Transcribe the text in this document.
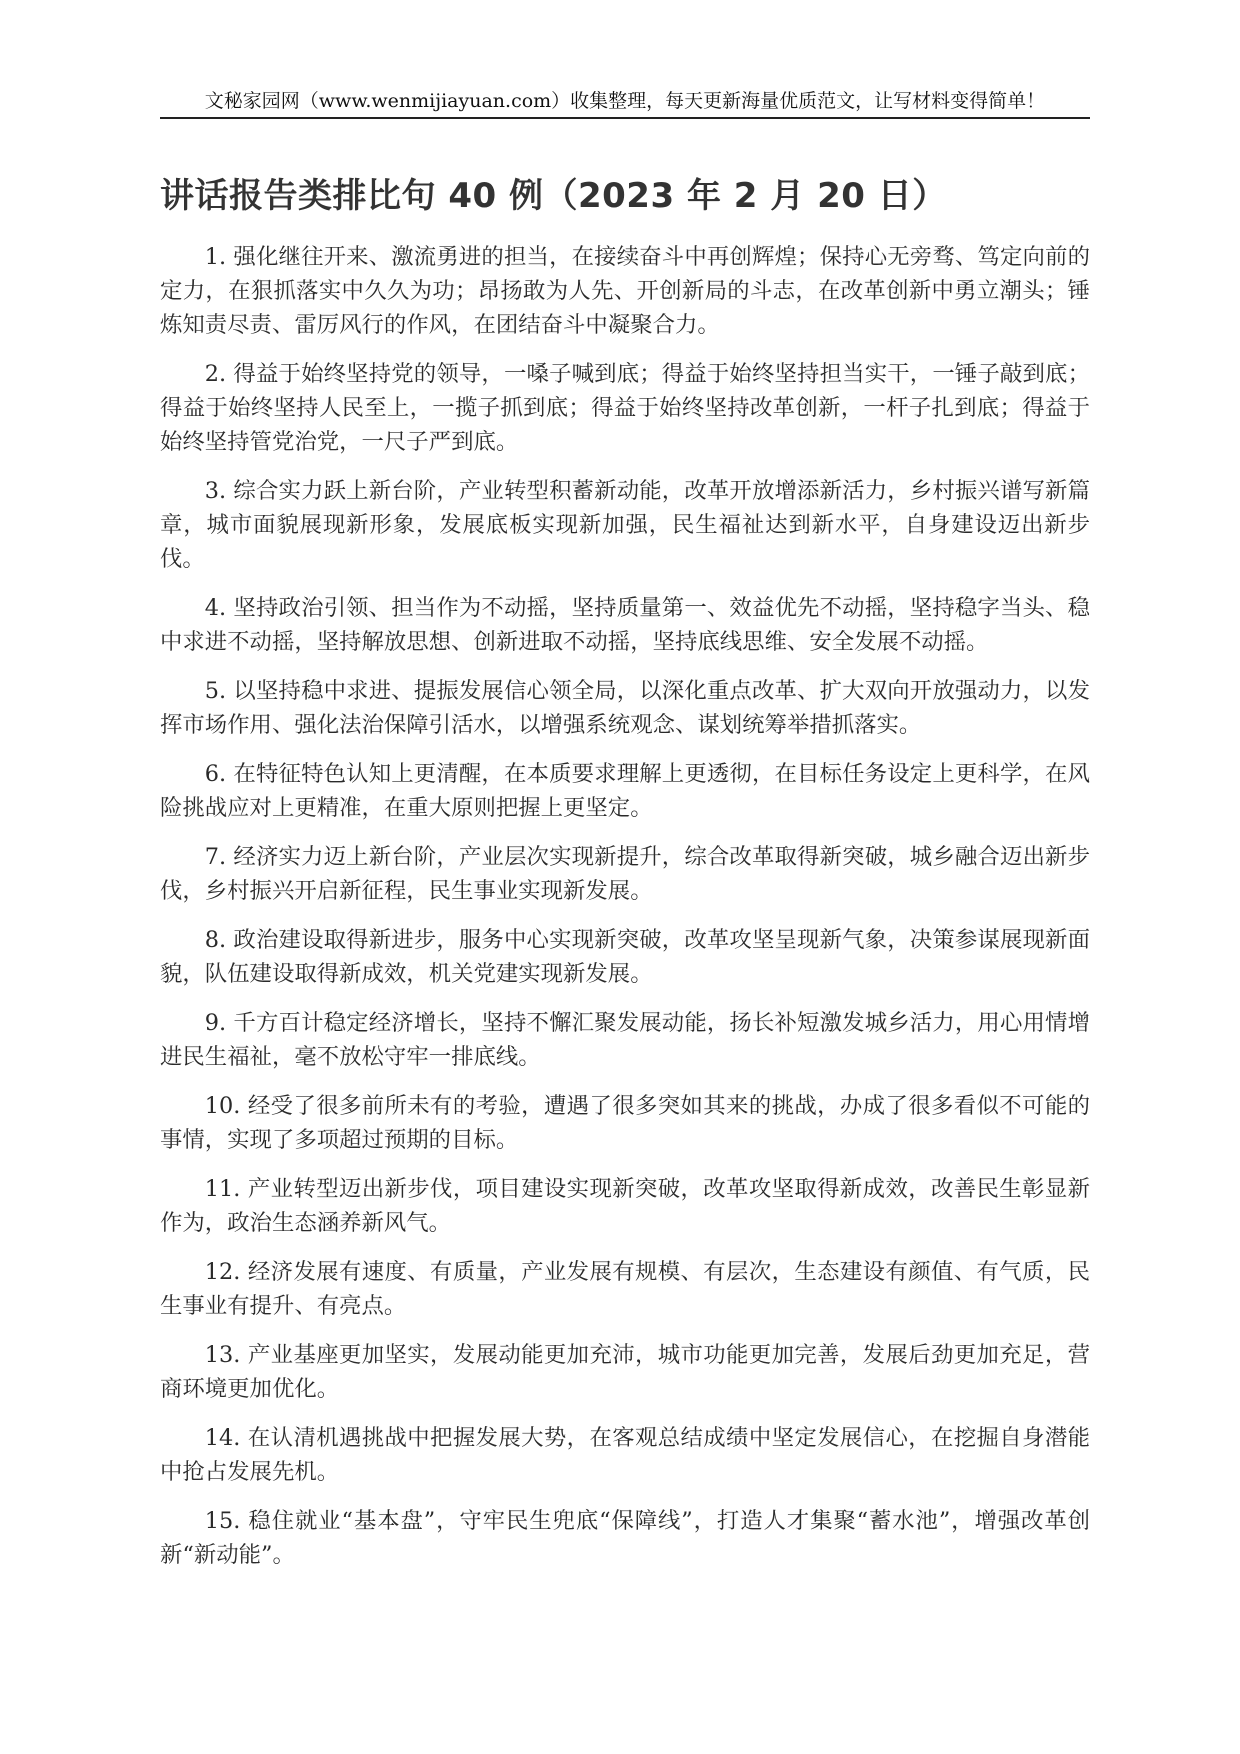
文秘家园网（www.wenmijiayuan.com）收集整理，每天更新海量优质范文，让写材料变得简单！
讲话报告类排比句 40 例（2023 年 2 月 20 日）

1. 强化继往开来、激流勇进的担当，在接续奋斗中再创辉煌；保持心无旁骛、笃定向前的定力，在狠抓落实中久久为功；昂扬敢为人先、开创新局的斗志，在改革创新中勇立潮头；锤炼知责尽责、雷厉风行的作风，在团结奋斗中凝聚合力。

2. 得益于始终坚持党的领导，一嗓子喊到底；得益于始终坚持担当实干，一锤子敲到底；得益于始终坚持人民至上，一揽子抓到底；得益于始终坚持改革创新，一杆子扎到底；得益于始终坚持管党治党，一尺子严到底。

3. 综合实力跃上新台阶，产业转型积蓄新动能，改革开放增添新活力，乡村振兴谱写新篇章，城市面貌展现新形象，发展底板实现新加强，民生福祉达到新水平，自身建设迈出新步伐。

4. 坚持政治引领、担当作为不动摇，坚持质量第一、效益优先不动摇，坚持稳字当头、稳中求进不动摇，坚持解放思想、创新进取不动摇，坚持底线思维、安全发展不动摇。

5. 以坚持稳中求进、提振发展信心领全局，以深化重点改革、扩大双向开放强动力，以发挥市场作用、强化法治保障引活水，以增强系统观念、谋划统筹举措抓落实。

6. 在特征特色认知上更清醒，在本质要求理解上更透彻，在目标任务设定上更科学，在风险挑战应对上更精准，在重大原则把握上更坚定。

7. 经济实力迈上新台阶，产业层次实现新提升，综合改革取得新突破，城乡融合迈出新步伐，乡村振兴开启新征程，民生事业实现新发展。

8. 政治建设取得新进步，服务中心实现新突破，改革攻坚呈现新气象，决策参谋展现新面貌，队伍建设取得新成效，机关党建实现新发展。

9. 千方百计稳定经济增长，坚持不懈汇聚发展动能，扬长补短激发城乡活力，用心用情增进民生福祉，毫不放松守牢一排底线。

10. 经受了很多前所未有的考验，遭遇了很多突如其来的挑战，办成了很多看似不可能的事情，实现了多项超过预期的目标。

11. 产业转型迈出新步伐，项目建设实现新突破，改革攻坚取得新成效，改善民生彰显新作为，政治生态涵养新风气。

12. 经济发展有速度、有质量，产业发展有规模、有层次，生态建设有颜值、有气质，民生事业有提升、有亮点。

13. 产业基座更加坚实，发展动能更加充沛，城市功能更加完善，发展后劲更加充足，营商环境更加优化。

14. 在认清机遇挑战中把握发展大势，在客观总结成绩中坚定发展信心，在挖掘自身潜能中抢占发展先机。

15. 稳住就业“基本盘”，守牢民生兜底“保障线”，打造人才集聚“蓄水池”，增强改革创新“新动能”。
